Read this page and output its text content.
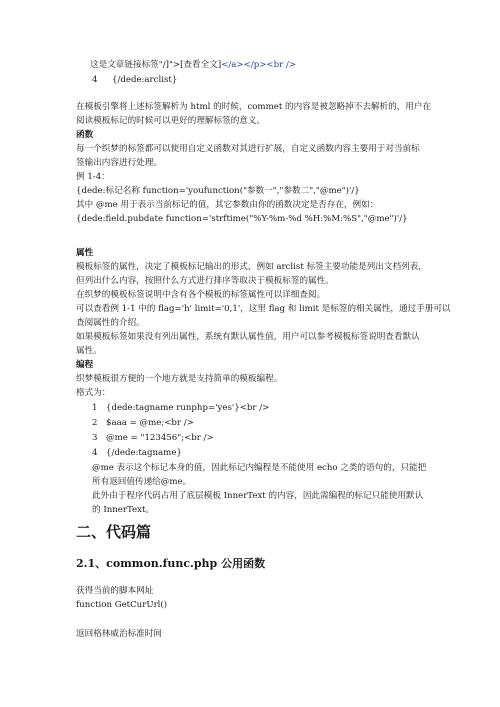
这是文章链接标签"/]">[查看全文]</a></p><br />
4 {/dede:arclist}
在模板引擎将上述标签解析为 html 的时候，commet 的内容是被忽略掉不去解析的，用户在
阅读模板标记的时候可以更好的理解标签的意义。
函数
每一个织梦的标签都可以使用自定义函数对其进行扩展，自定义函数内容主要用于对当前标
签输出内容进行处理。
例 1-4：
{dede:标记名称 function='youfunction("参数一","参数二","@me")'/}
其中 @me 用于表示当前标记的值，其它参数由你的函数决定是否存在，例如：
{dede:field.pubdate function='strftime("%Y-%m-%d %H:%M:%S","@me")'/}
属性
模板标签的属性，决定了模板标记输出的形式，例如 arclist 标签主要功能是列出文档列表，
但列出什么内容，按照什么方式进行排序等取决于模板标签的属性。
在织梦的模板标签说明中含有各个模板的标签属性可以详细查阅。
可以查看例 1-1 中的 flag='h' limit='0,1'，这里 flag 和 limit 是标签的相关属性，通过手册可以
查阅属性的介绍。
如果模板标签如果没有列出属性，系统有默认属性值，用户可以参考模板标签说明查看默认
属性。
编程
织梦模板很方便的一个地方就是支持简单的模板编程。
格式为：
1 {dede:tagname runphp='yes'}<br />
2 $aaa = @me;<br />
3 @me = "123456";<br />
4 {/dede:tagname}
@me 表示这个标记本身的值，因此标记内编程是不能使用 echo 之类的语句的，只能把
所有返回值传递给@me。
此外由于程序代码占用了底层模板 InnerText 的内容，因此需编程的标记只能使用默认
的 InnerText。
二、代码篇
2.1、common.func.php 公用函数
获得当前的脚本网址
function GetCurUrl()
返回格林威治标准时间
